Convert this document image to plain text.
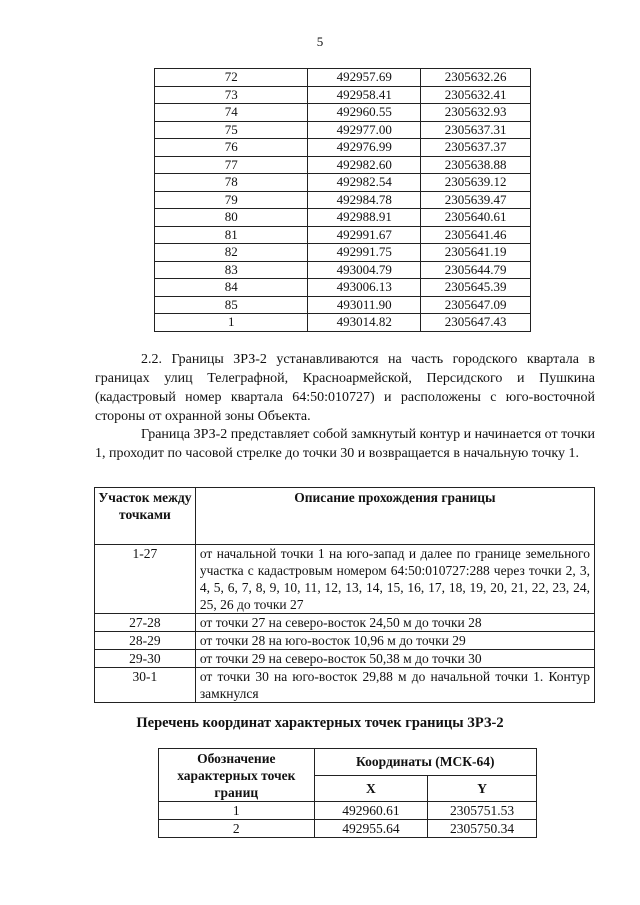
5
72	492957.69	2305632.26
73	492958.41	2305632.41
74	492960.55	2305632.93
75	492977.00	2305637.31
76	492976.99	2305637.37
77	492982.60	2305638.88
78	492982.54	2305639.12
79	492984.78	2305639.47
80	492988.91	2305640.61
81	492991.67	2305641.46
82	492991.75	2305641.19
83	493004.79	2305644.79
84	493006.13	2305645.39
85	493011.90	2305647.09
1	493014.82	2305647.43

2.2. Границы ЗРЗ-2 устанавливаются на часть городского квартала в границах улиц Телеграфной, Красноармейской, Персидского и Пушкина (кадастровый номер квартала 64:50:010727) и расположены с юго-восточной стороны от охранной зоны Объекта.

Граница ЗРЗ-2 представляет собой замкнутый контур и начинается от точки 1, проходит по часовой стрелке до точки 30 и возвращается в начальную точку 1.

Участок между точками	Описание прохождения границы
1-27	от начальной точки 1 на юго-запад и далее по границе земельного участка с кадастровым номером 64:50:010727:288 через точки 2, 3, 4, 5, 6, 7, 8, 9, 10, 11, 12, 13, 14, 15, 16, 17, 18, 19, 20, 21, 22, 23, 24, 25, 26 до точки 27
27-28	от точки 27 на северо-восток 24,50 м до точки 28
28-29	от точки 28 на юго-восток 10,96 м до точки 29
29-30	от точки 29 на северо-восток 50,38 м до точки 30
30-1	от точки 30 на юго-восток 29,88 м до начальной точки 1. Контур замкнулся
Перечень координат характерных точек границы ЗРЗ-2
Обозначение характерных точек границ	Координаты (МСК-64)	
	X	Y
1	492960.61	2305751.53
2	492955.64	2305750.34
